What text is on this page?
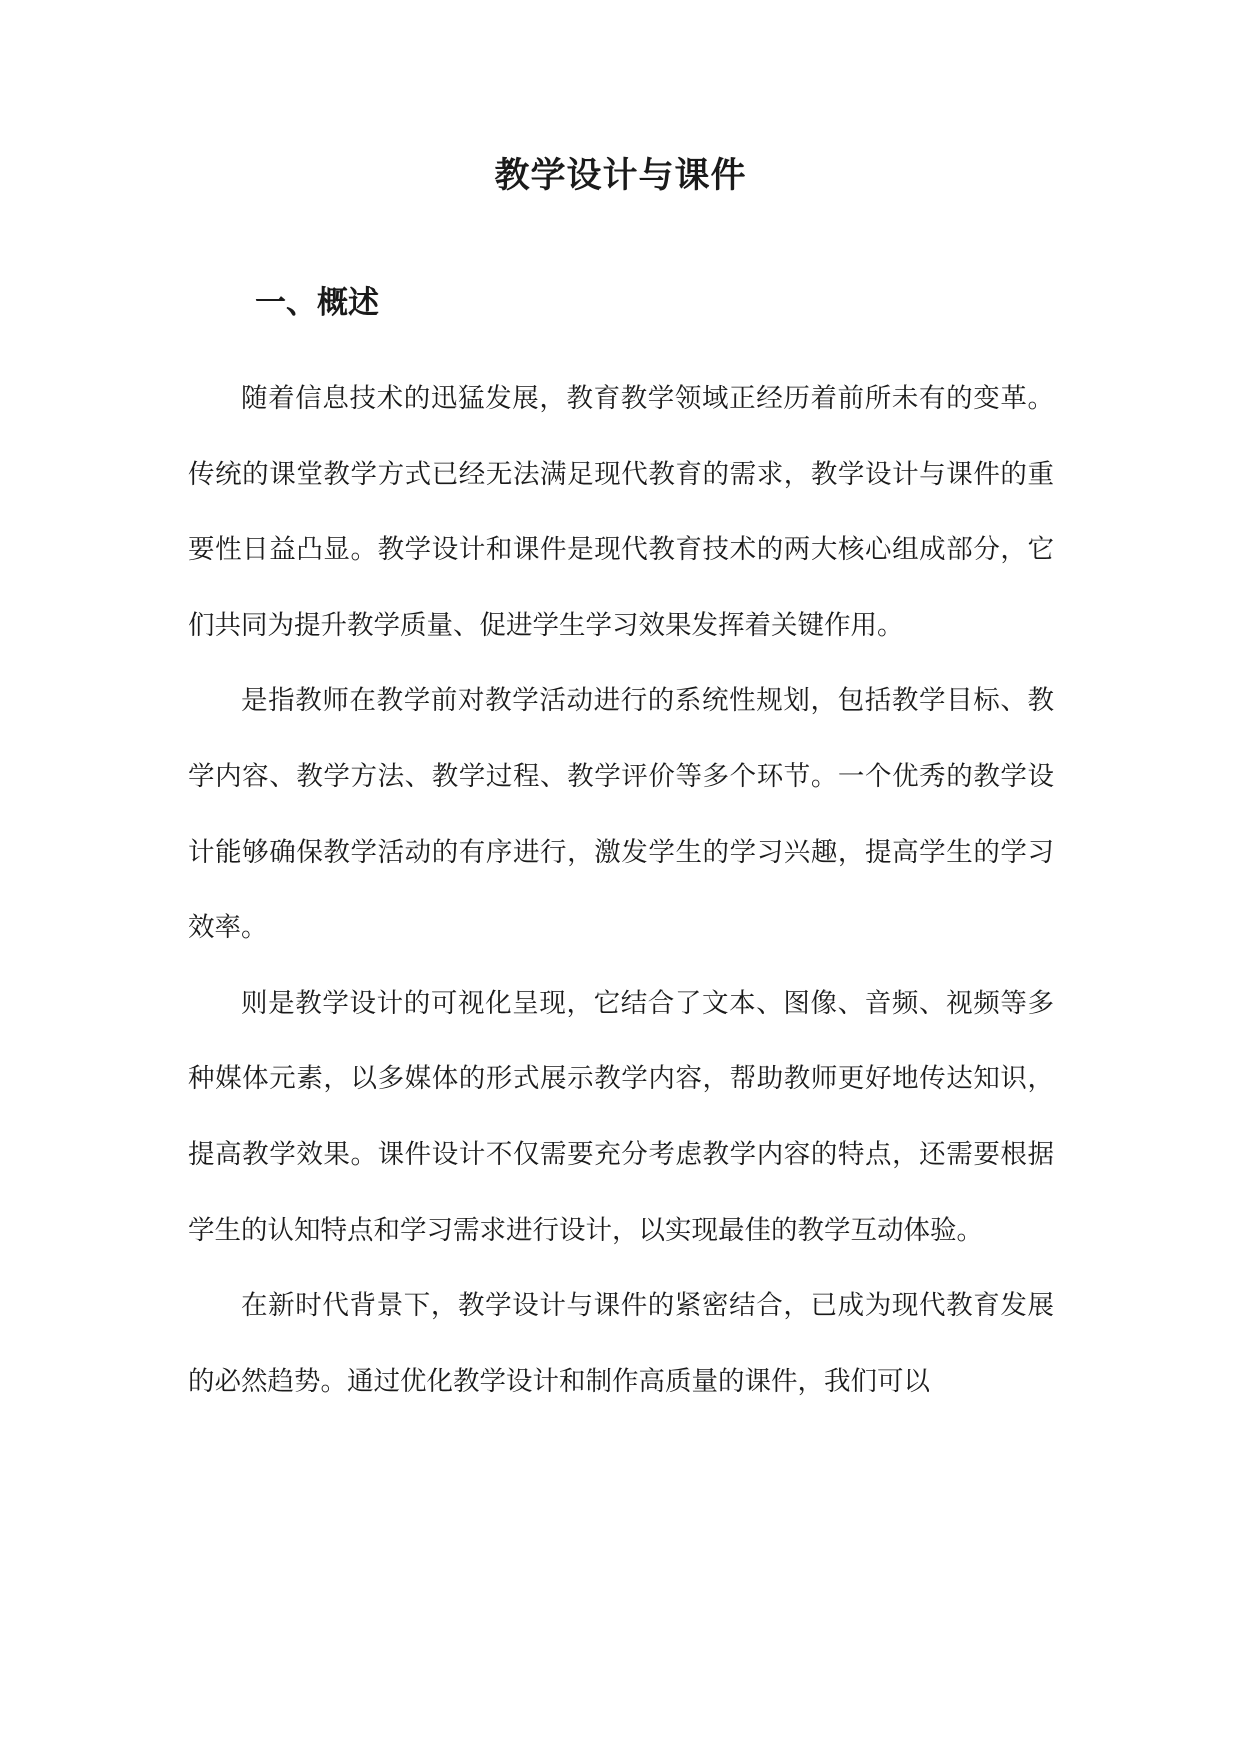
教学设计与课件
一、概述

随着信息技术的迅猛发展，教育教学领域正经历着前所未有的变革。传统的课堂教学方式已经无法满足现代教育的需求，教学设计与课件的重要性日益凸显。教学设计和课件是现代教育技术的两大核心组成部分，它们共同为提升教学质量、促进学生学习效果发挥着关键作用。

是指教师在教学前对教学活动进行的系统性规划，包括教学目标、教学内容、教学方法、教学过程、教学评价等多个环节。一个优秀的教学设计能够确保教学活动的有序进行，激发学生的学习兴趣，提高学生的学习效率。

则是教学设计的可视化呈现，它结合了文本、图像、音频、视频等多种媒体元素，以多媒体的形式展示教学内容，帮助教师更好地传达知识，提高教学效果。课件设计不仅需要充分考虑教学内容的特点，还需要根据学生的认知特点和学习需求进行设计，以实现最佳的教学互动体验。

在新时代背景下，教学设计与课件的紧密结合，已成为现代教育发展的必然趋势。通过优化教学设计和制作高质量的课件，我们可以
